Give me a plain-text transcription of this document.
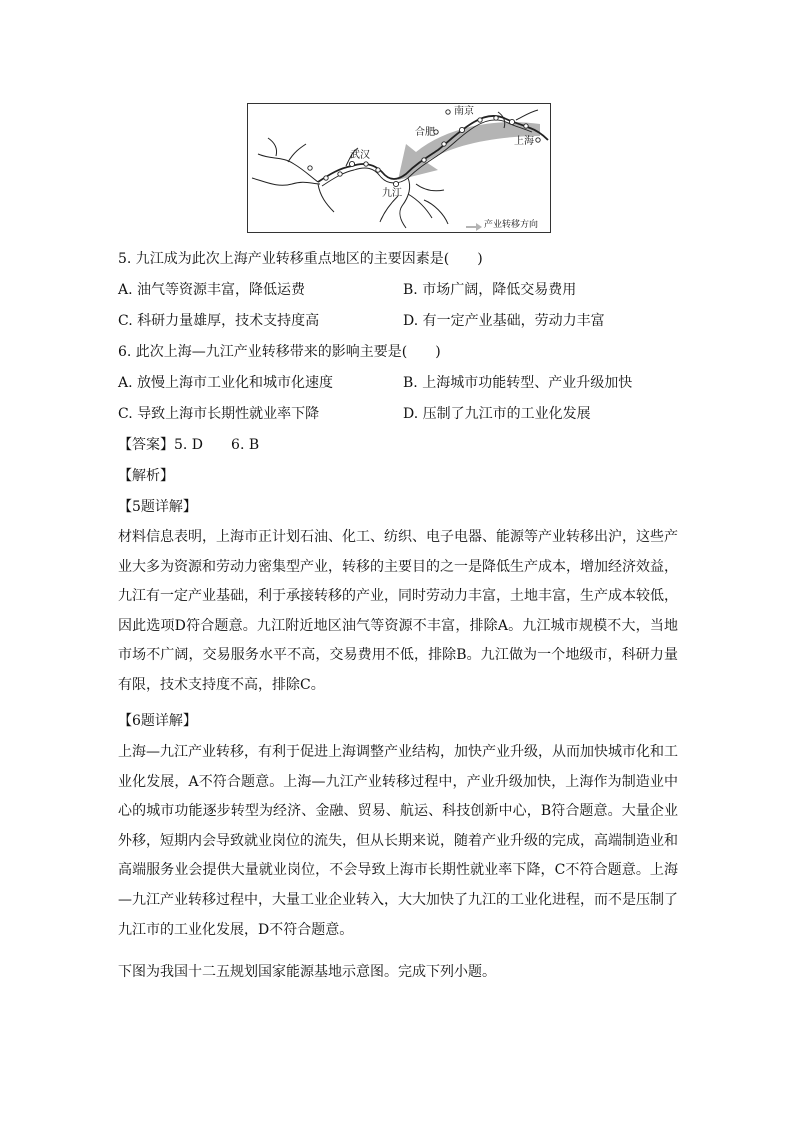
南京
合肥
上海
武汉
九江
产业转移方向
5. 九江成为此次上海产业转移重点地区的主要因素是(　　)
A. 油气等资源丰富，降低运费	B. 市场广阔，降低交易费用
C. 科研力量雄厚，技术支持度高	D. 有一定产业基础，劳动力丰富
6. 此次上海—九江产业转移带来的影响主要是(　　)
A. 放慢上海市工业化和城市化速度	B. 上海城市功能转型、产业升级加快
C. 导致上海市长期性就业率下降	D. 压制了九江市的工业化发展
【答案】5. D　　6. B
【解析】
【5题详解】
材料信息表明，上海市正计划石油、化工、纺织、电子电器、能源等产业转移出沪，这些产业大多为资源和劳动力密集型产业，转移的主要目的之一是降低生产成本，增加经济效益，九江有一定产业基础，利于承接转移的产业，同时劳动力丰富，土地丰富，生产成本较低，因此选项D符合题意。九江附近地区油气等资源不丰富，排除A。九江城市规模不大，当地市场不广阔，交易服务水平不高，交易费用不低，排除B。九江做为一个地级市，科研力量有限，技术支持度不高，排除C。
【6题详解】
上海—九江产业转移，有利于促进上海调整产业结构，加快产业升级，从而加快城市化和工业化发展，A不符合题意。上海—九江产业转移过程中，产业升级加快，上海作为制造业中心的城市功能逐步转型为经济、金融、贸易、航运、科技创新中心，B符合题意。大量企业外移，短期内会导致就业岗位的流失，但从长期来说，随着产业升级的完成，高端制造业和高端服务业会提供大量就业岗位，不会导致上海市长期性就业率下降，C不符合题意。上海—九江产业转移过程中，大量工业企业转入，大大加快了九江的工业化进程，而不是压制了九江市的工业化发展，D不符合题意。
下图为我国十二五规划国家能源基地示意图。完成下列小题。
